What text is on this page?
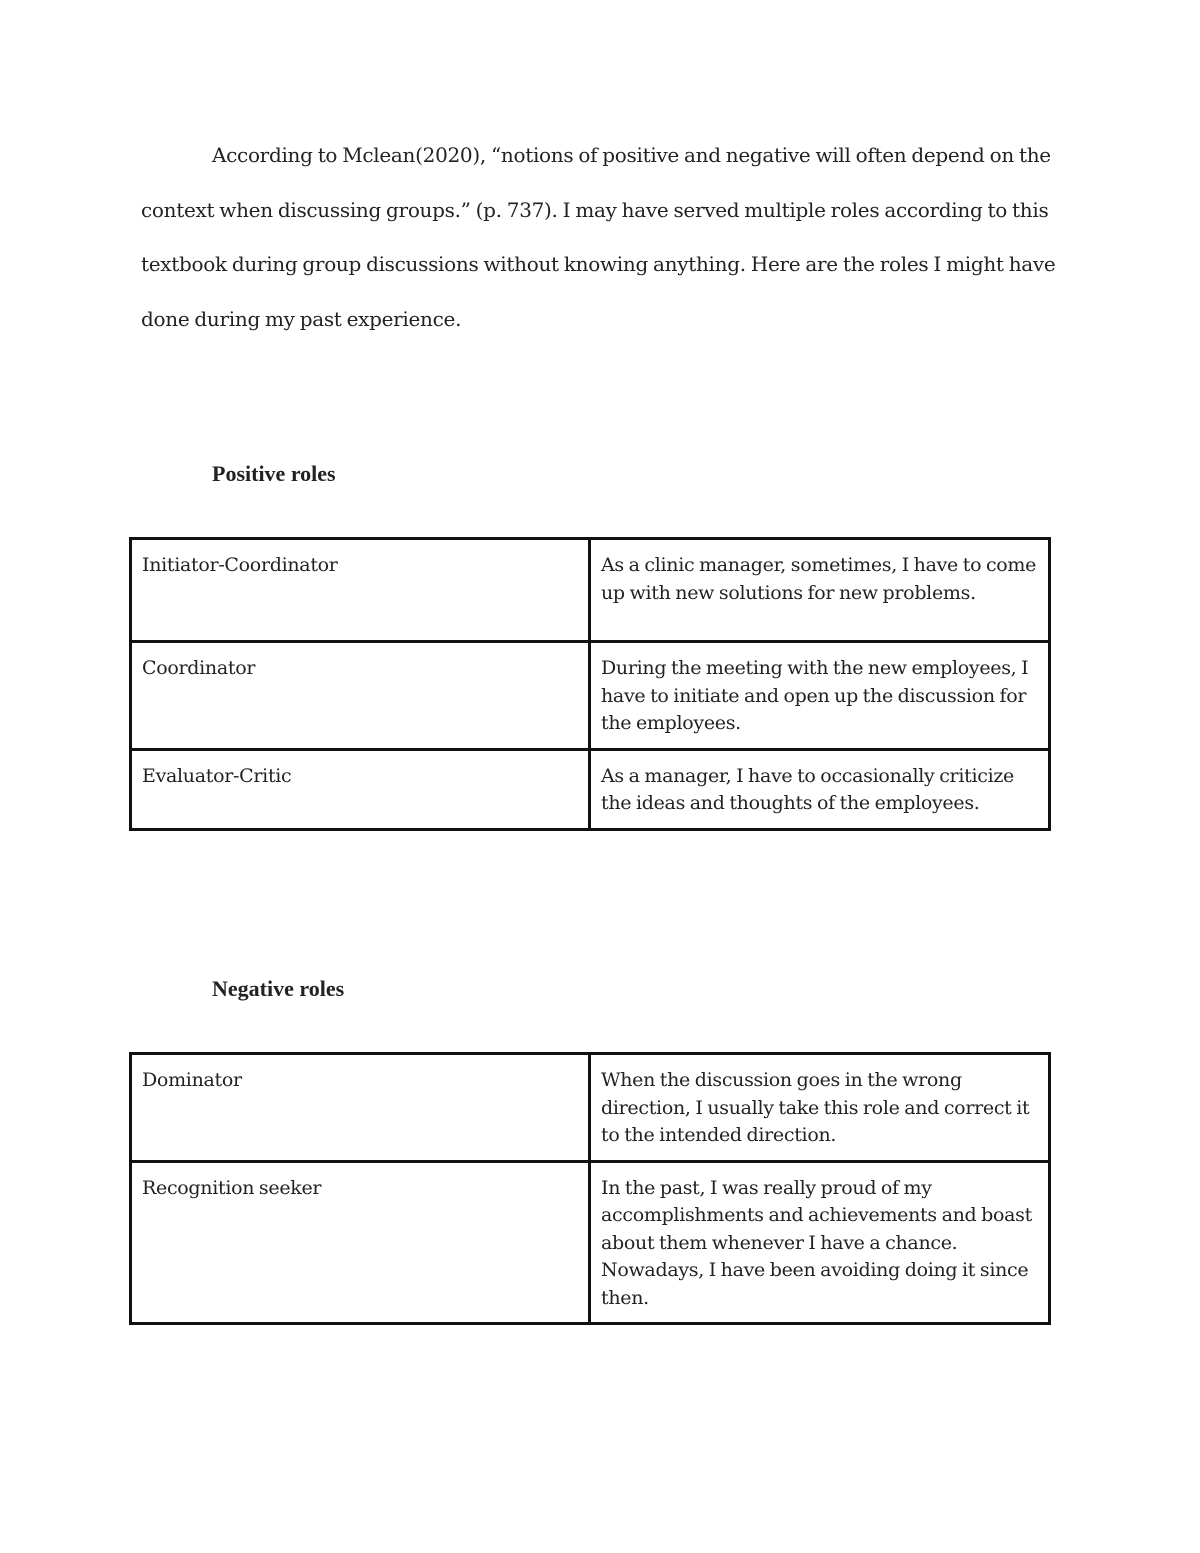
According to Mclean(2020), “notions of positive and negative will often depend on the context when discussing groups.” (p. 737). I may have served multiple roles according to this textbook during group discussions without knowing anything. Here are the roles I might have done during my past experience.

Positive roles
Initiator-Coordinator	As a clinic manager, sometimes, I have to come up with new solutions for new problems.
Coordinator	During the meeting with the new employees, I have to initiate and open up the discussion for the employees.
Evaluator-Critic	As a manager, I have to occasionally criticize the ideas and thoughts of the employees.
Negative roles
Dominator	When the discussion goes in the wrong direction, I usually take this role and correct it to the intended direction.
Recognition seeker	In the past, I was really proud of my accomplishments and achievements and boast about them whenever I have a chance. Nowadays, I have been avoiding doing it since then.
